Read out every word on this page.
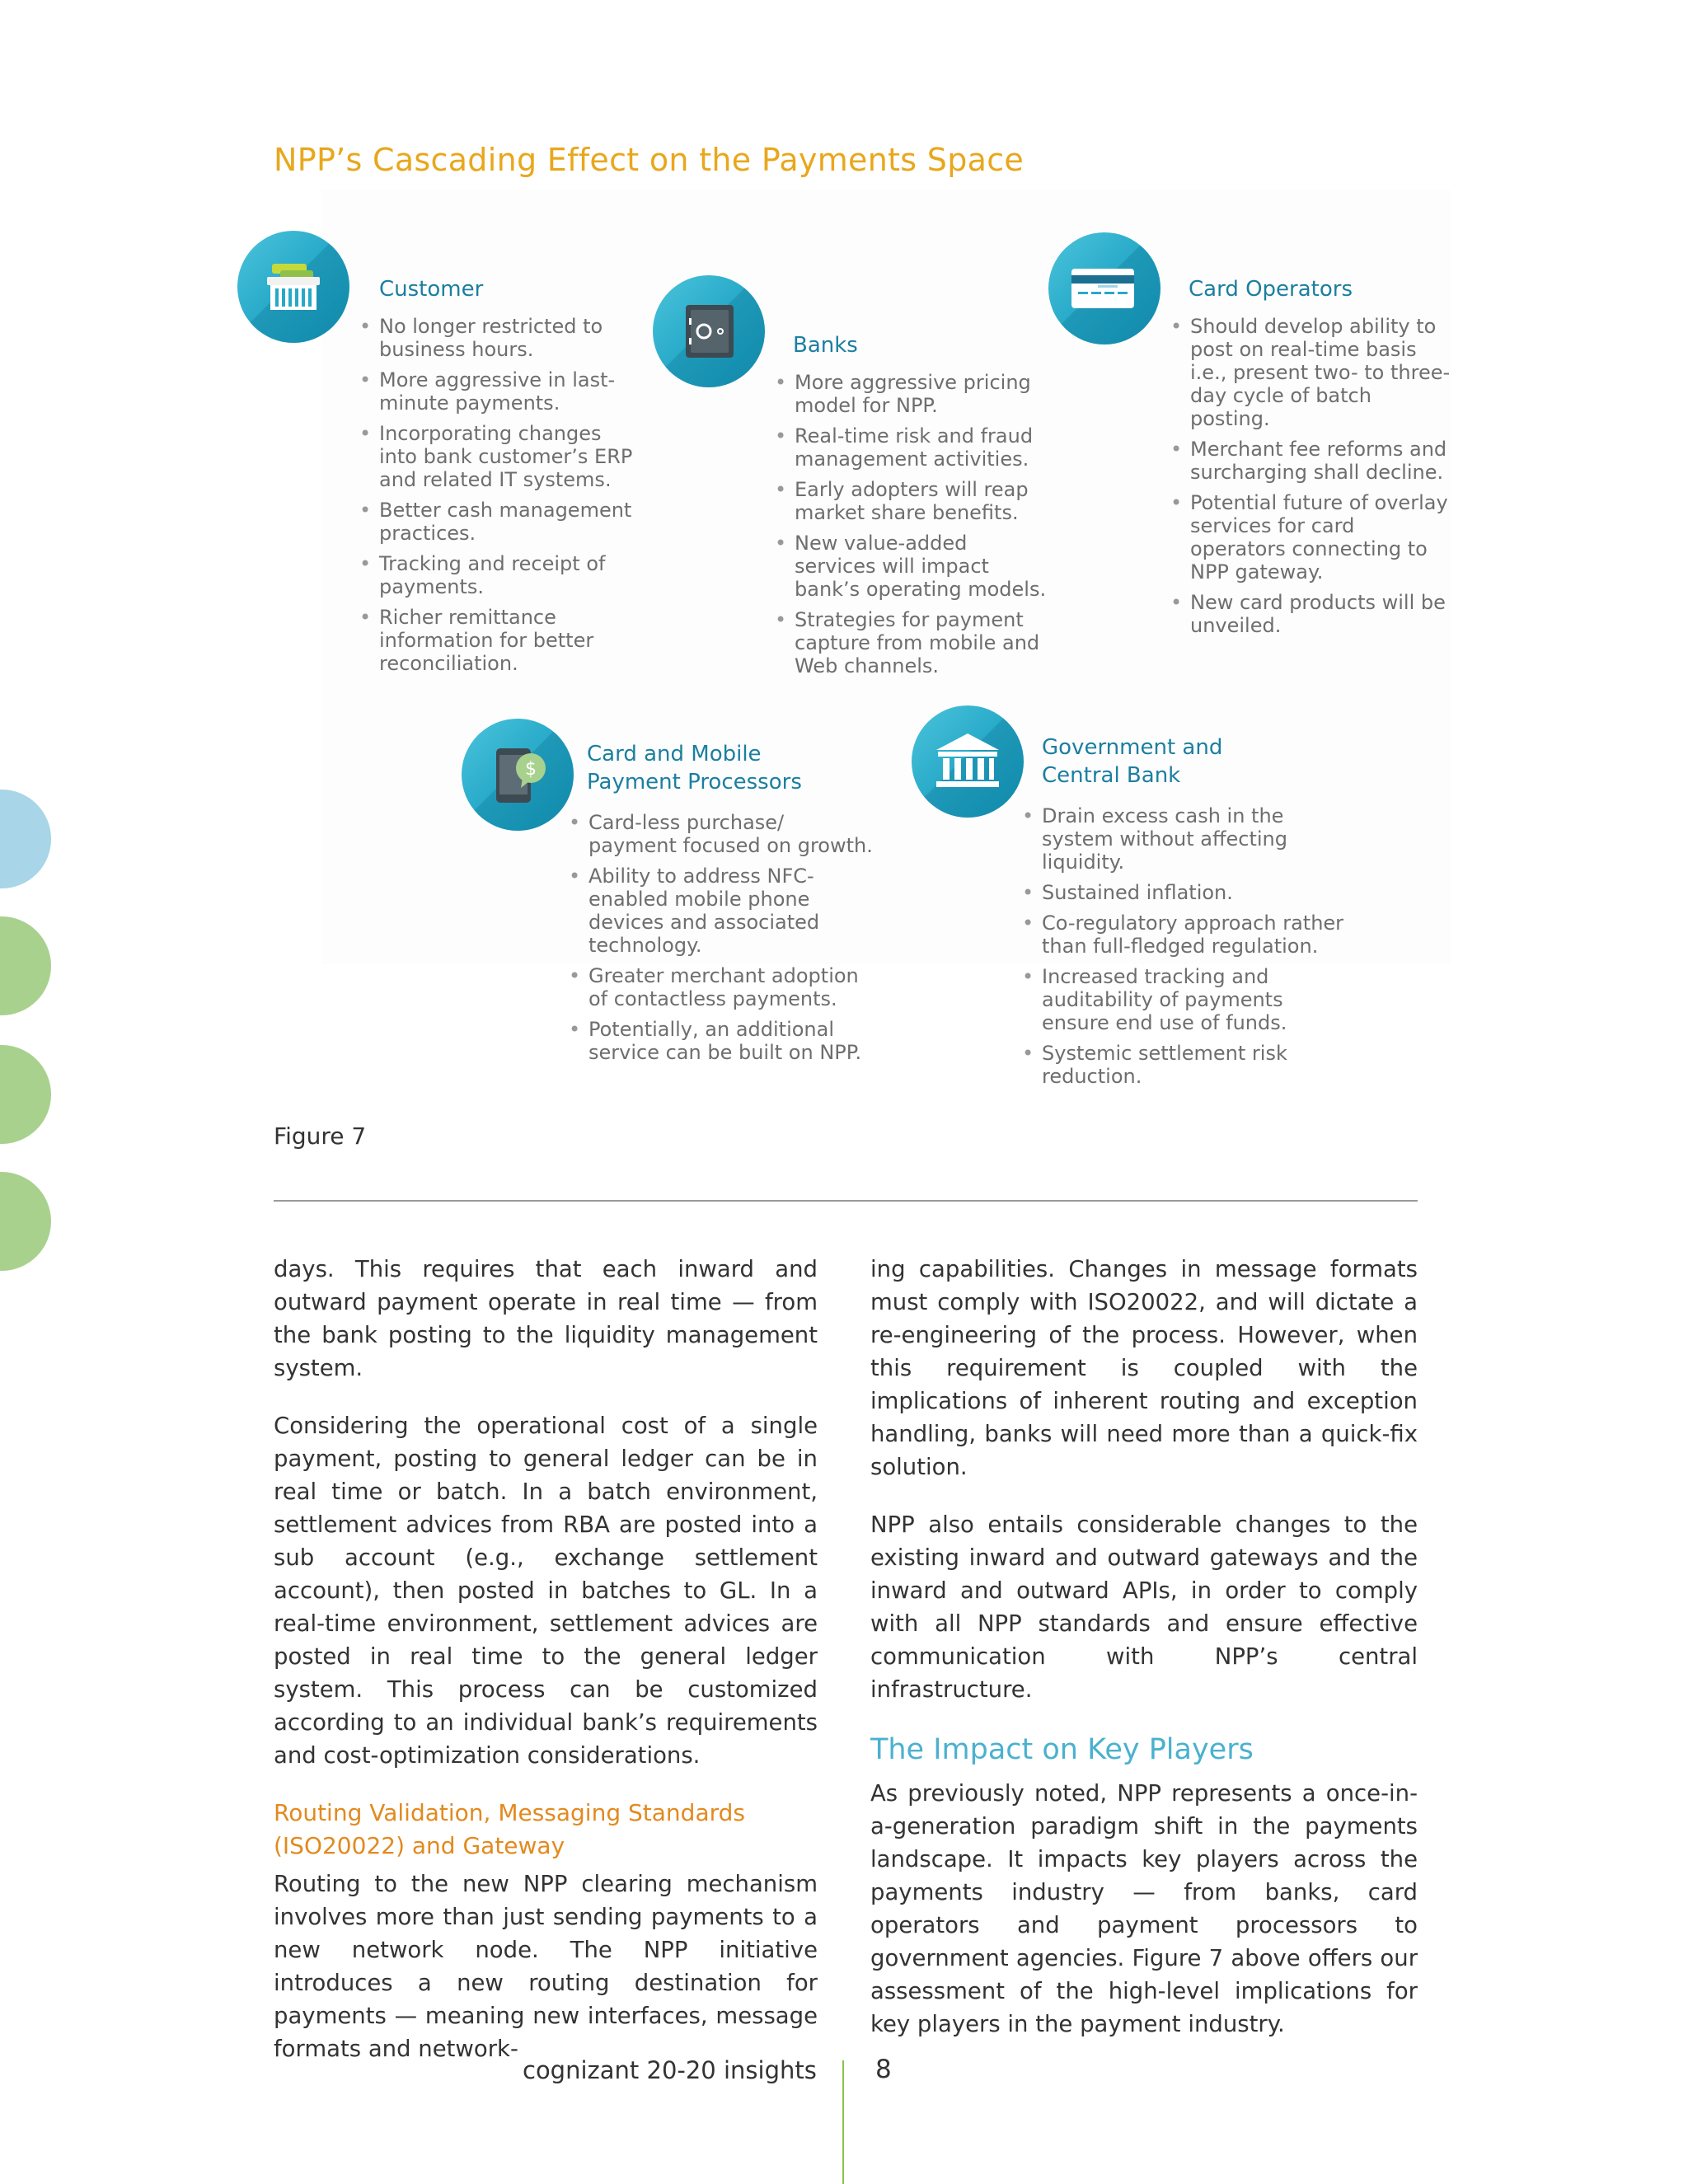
NPP’s Cascading Effect on the Payments Space
Customer
• No longer restricted to business hours.
• More aggressive in last-minute payments.
• Incorporating changes into bank customer’s ERP and related IT systems.
• Better cash management practices.
• Tracking and receipt of payments.
• Richer remittance information for better reconciliation.
Banks
• More aggressive pricing model for NPP.
• Real-time risk and fraud management activities.
• Early adopters will reap market share benefits.
• New value-added services will impact bank’s operating models.
• Strategies for payment capture from mobile and Web channels.
Card Operators
• Should develop ability to post on real-time basis i.e., present two- to three-day cycle of batch posting.
• Merchant fee reforms and surcharging shall decline.
• Potential future of overlay services for card operators connecting to NPP gateway.
• New card products will be unveiled.
$
Card and Mobile
Payment Processors
• Card-less purchase/ payment focused on growth.
• Ability to address NFC-enabled mobile phone devices and associated technology.
• Greater merchant adoption of contactless payments.
• Potentially, an additional service can be built on NPP.
Government and
Central Bank
• Drain excess cash in the system without affecting liquidity.
• Sustained inflation.
• Co-regulatory approach rather than full-fledged regulation.
• Increased tracking and auditability of payments ensure end use of funds.
• Systemic settlement risk reduction.
Figure 7

days. This requires that each inward and outward payment operate in real time — from the bank posting to the liquidity management system.

Considering the operational cost of a single payment, posting to general ledger can be in real time or batch. In a batch environment, settlement advices from RBA are posted into a sub account (e.g., exchange settlement account), then posted in batches to GL. In a real-time environment, settlement advices are posted in real time to the general ledger system. This process can be customized according to an individual bank’s requirements and cost-optimization considerations.

Routing Validation, Messaging Standards
(ISO20022) and Gateway

Routing to the new NPP clearing mechanism involves more than just sending payments to a new network node. The NPP initiative introduces a new routing destination for payments — meaning new interfaces, message formats and network-

ing capabilities. Changes in message formats must comply with ISO20022, and will dictate a re-engineering of the process. However, when this requirement is coupled with the implications of inherent routing and exception handling, banks will need more than a quick-fix solution.

NPP also entails considerable changes to the existing inward and outward gateways and the inward and outward APIs, in order to comply with all NPP standards and ensure effective communication with NPP’s central infrastructure.

The Impact on Key Players

As previously noted, NPP represents a once-in-a-generation paradigm shift in the payments landscape. It impacts key players across the payments industry — from banks, card operators and payment processors to government agencies. Figure 7 above offers our assessment of the high-level implications for key players in the payment industry.

cognizant 20-20 insights 8
